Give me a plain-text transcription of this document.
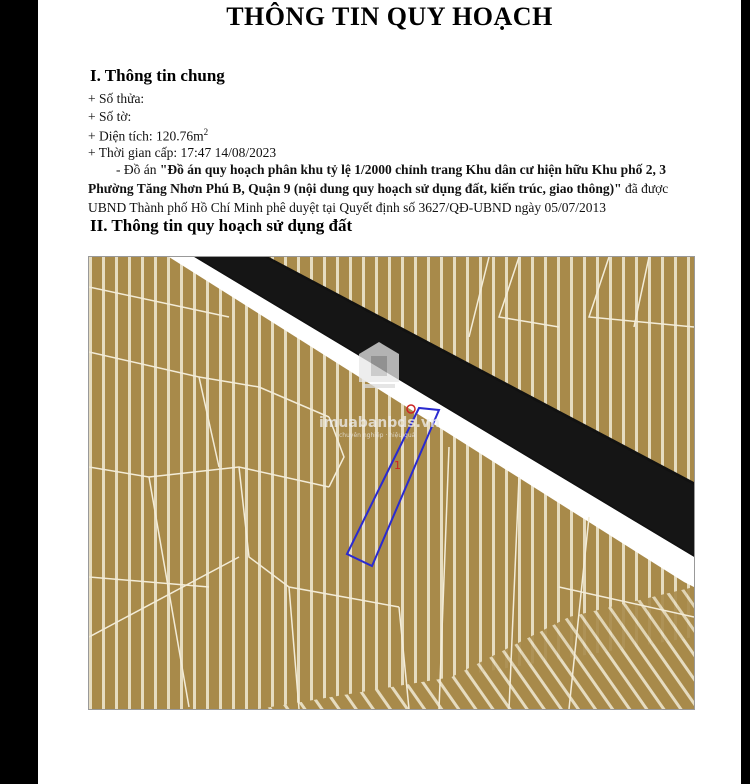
THÔNG TIN QUY HOẠCH
I. Thông tin chung
+ Số thửa:
+ Số tờ:
+ Diện tích: $120.76m^2$
+ Thời gian cấp: 17:47 14/08/2023
- Đồ án "Đồ án quy hoạch phân khu tỷ lệ 1/2000 chỉnh trang Khu dân cư hiện hữu Khu phố 2, 3 Phường Tăng Nhơn Phú B, Quận 9 (nội dung quy hoạch sử dụng đất, kiến trúc, giao thông)" đã được UBND Thành phố Hồ Chí Minh phê duyệt tại Quyết định số 3627/QĐ-UBND ngày 05/07/2013
II. Thông tin quy hoạch sử dụng đất
1
imuabanbds.vn
chuyên nghiệp · hiệu quả
